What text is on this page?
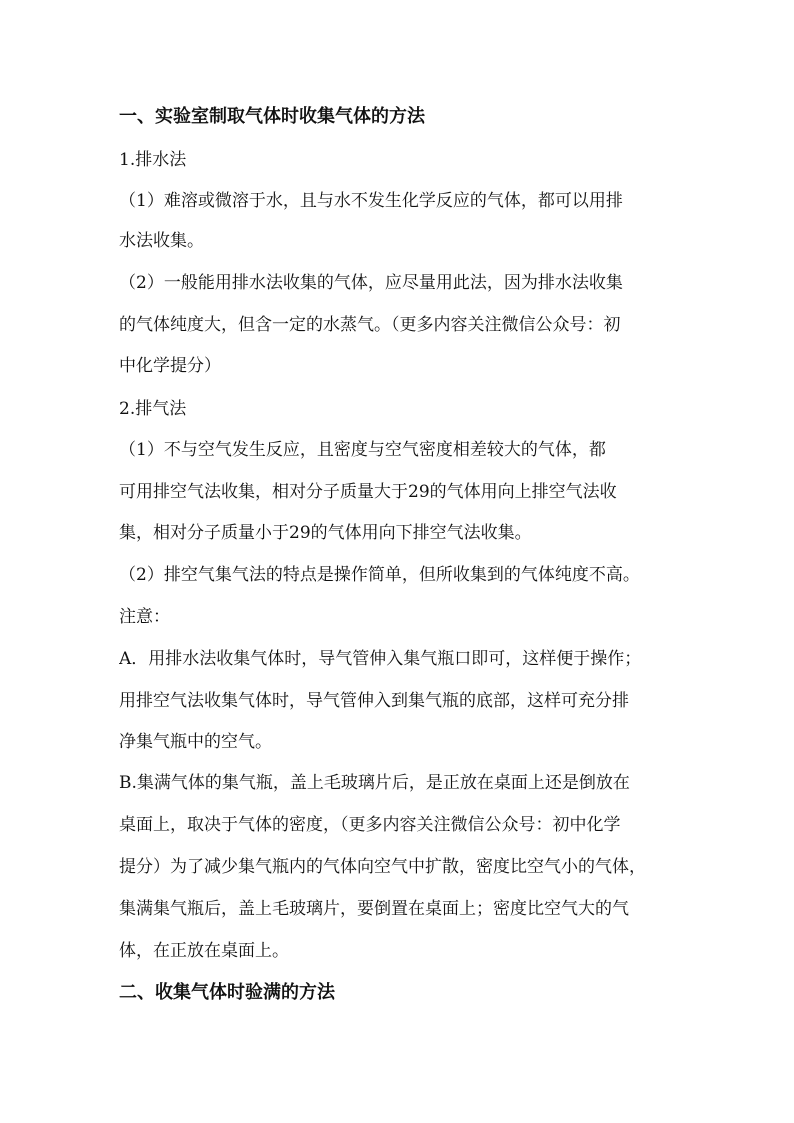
一、实验室制取气体时收集气体的方法
1.排水法
（1）难溶或微溶于水，且与水不发生化学反应的气体，都可以用排
水法收集。
（2）一般能用排水法收集的气体，应尽量用此法，因为排水法收集
的气体纯度大，但含一定的水蒸气。（更多内容关注微信公众号：初
中化学提分）
2.排气法
（1）不与空气发生反应，且密度与空气密度相差较大的气体，都
可用排空气法收集，相对分子质量大于29的气体用向上排空气法收
集，相对分子质量小于29的气体用向下排空气法收集。
（2）排空气集气法的特点是操作简单，但所收集到的气体纯度不高。
注意：
A．用排水法收集气体时，导气管伸入集气瓶口即可，这样便于操作；
用排空气法收集气体时，导气管伸入到集气瓶的底部，这样可充分排
净集气瓶中的空气。
B.集满气体的集气瓶，盖上毛玻璃片后，是正放在桌面上还是倒放在
桌面上，取决于气体的密度，（更多内容关注微信公众号：初中化学
提分）为了减少集气瓶内的气体向空气中扩散，密度比空气小的气体，
集满集气瓶后，盖上毛玻璃片，要倒置在桌面上；密度比空气大的气
体，在正放在桌面上。
二、收集气体时验满的方法
